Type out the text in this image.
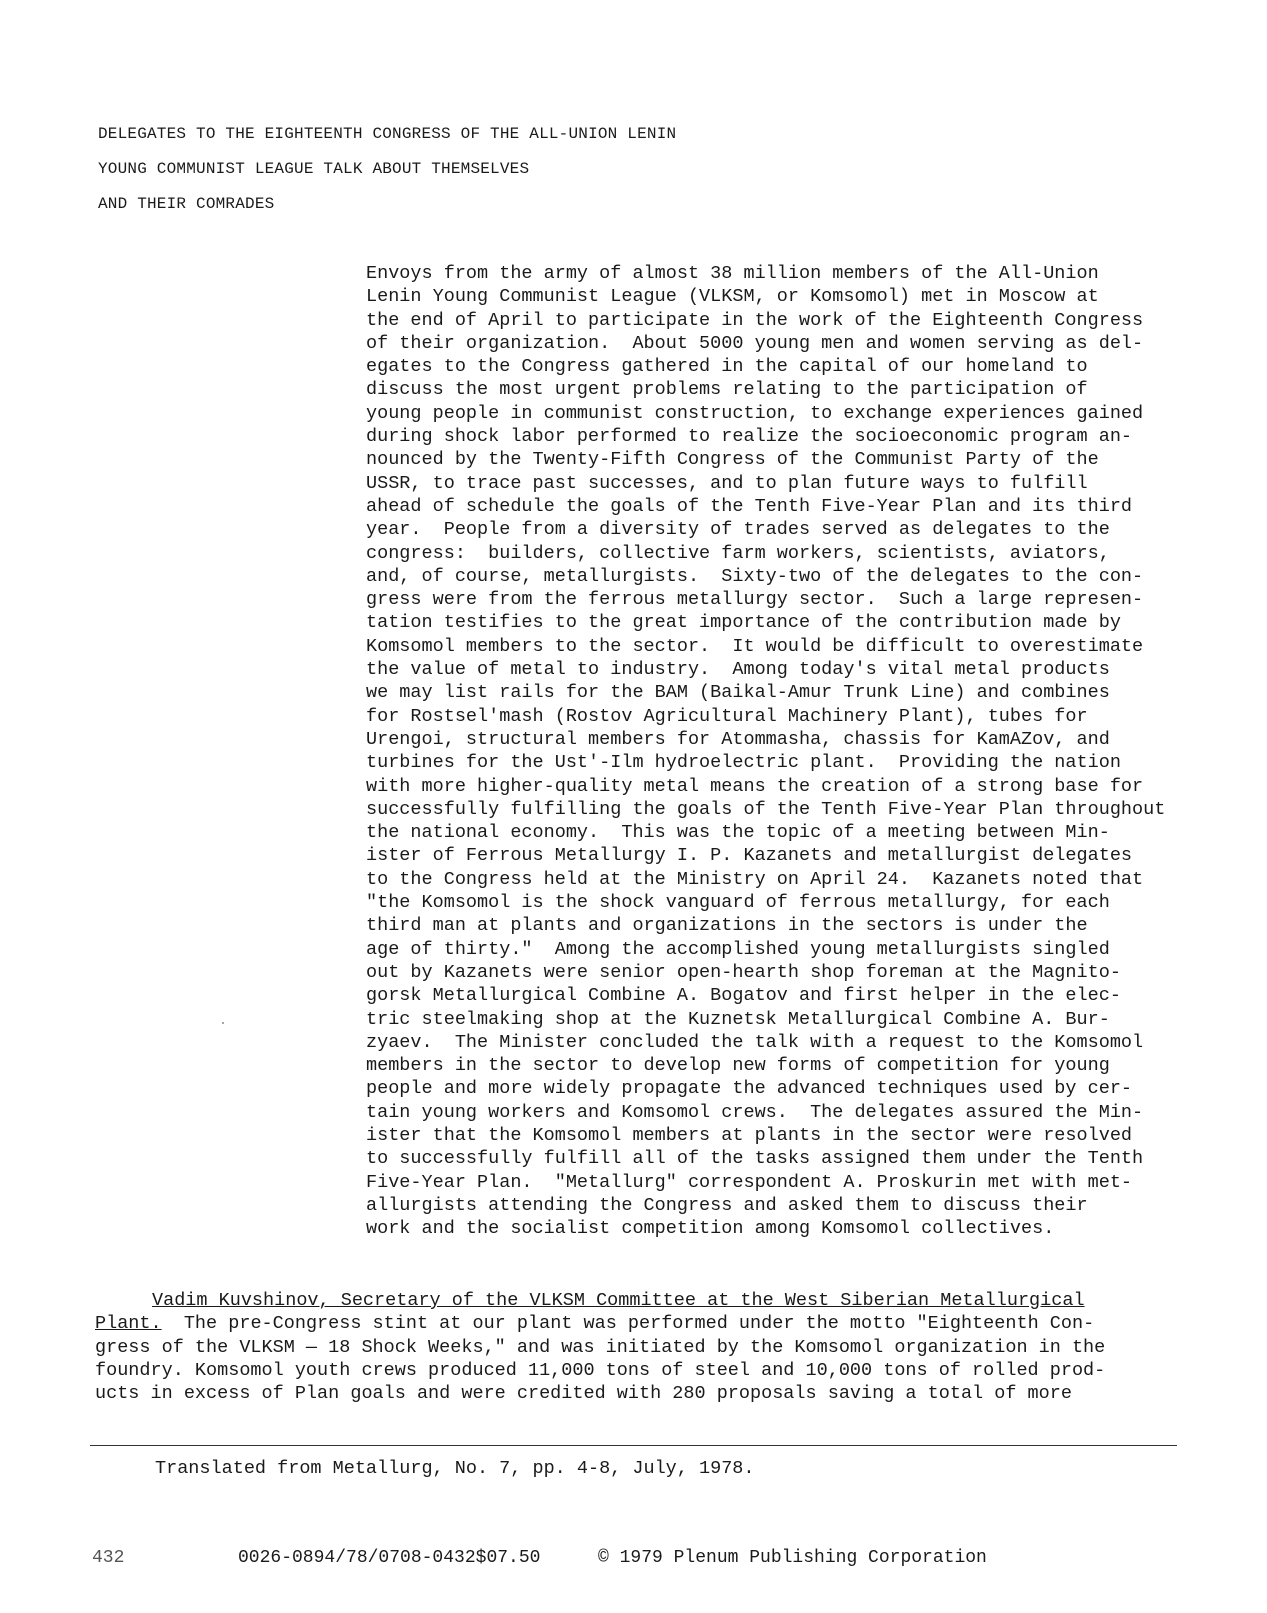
DELEGATES TO THE EIGHTEENTH CONGRESS OF THE ALL-UNION LENIN
YOUNG COMMUNIST LEAGUE TALK ABOUT THEMSELVES
AND THEIR COMRADES
Envoys from the army of almost 38 million members of the All-Union
Lenin Young Communist League (VLKSM, or Komsomol) met in Moscow at
the end of April to participate in the work of the Eighteenth Congress
of their organization.  About 5000 young men and women serving as del-
egates to the Congress gathered in the capital of our homeland to
discuss the most urgent problems relating to the participation of
young people in communist construction, to exchange experiences gained
during shock labor performed to realize the socioeconomic program an-
nounced by the Twenty-Fifth Congress of the Communist Party of the
USSR, to trace past successes, and to plan future ways to fulfill
ahead of schedule the goals of the Tenth Five-Year Plan and its third
year.  People from a diversity of trades served as delegates to the
congress:  builders, collective farm workers, scientists, aviators,
and, of course, metallurgists.  Sixty-two of the delegates to the con-
gress were from the ferrous metallurgy sector.  Such a large represen-
tation testifies to the great importance of the contribution made by
Komsomol members to the sector.  It would be difficult to overestimate
the value of metal to industry.  Among today's vital metal products
we may list rails for the BAM (Baikal-Amur Trunk Line) and combines
for Rostsel'mash (Rostov Agricultural Machinery Plant), tubes for
Urengoi, structural members for Atommasha, chassis for KamAZov, and
turbines for the Ust'-Ilm hydroelectric plant.  Providing the nation
with more higher-quality metal means the creation of a strong base for
successfully fulfilling the goals of the Tenth Five-Year Plan throughout
the national economy.  This was the topic of a meeting between Min-
ister of Ferrous Metallurgy I. P. Kazanets and metallurgist delegates
to the Congress held at the Ministry on April 24.  Kazanets noted that
"the Komsomol is the shock vanguard of ferrous metallurgy, for each
third man at plants and organizations in the sectors is under the
age of thirty."  Among the accomplished young metallurgists singled
out by Kazanets were senior open-hearth shop foreman at the Magnito-
gorsk Metallurgical Combine A. Bogatov and first helper in the elec-
tric steelmaking shop at the Kuznetsk Metallurgical Combine A. Bur-
zyaev.  The Minister concluded the talk with a request to the Komsomol
members in the sector to develop new forms of competition for young
people and more widely propagate the advanced techniques used by cer-
tain young workers and Komsomol crews.  The delegates assured the Min-
ister that the Komsomol members at plants in the sector were resolved
to successfully fulfill all of the tasks assigned them under the Tenth
Five-Year Plan.  "Metallurg" correspondent A. Proskurin met with met-
allurgists attending the Congress and asked them to discuss their
work and the socialist competition among Komsomol collectives.
Vadim Kuvshinov, Secretary of the VLKSM Committee at the West Siberian Metallurgical
Plant.  The pre-Congress stint at our plant was performed under the motto "Eighteenth Con-
gress of the VLKSM — 18 Shock Weeks," and was initiated by the Komsomol organization in the
foundry. Komsomol youth crews produced 11,000 tons of steel and 10,000 tons of rolled prod-
ucts in excess of Plan goals and were credited with 280 proposals saving a total of more
Translated from Metallurg, No. 7, pp. 4-8, July, 1978.
432	0026-0894/78/0708-0432$07.50	© 1979 Plenum Publishing Corporation
